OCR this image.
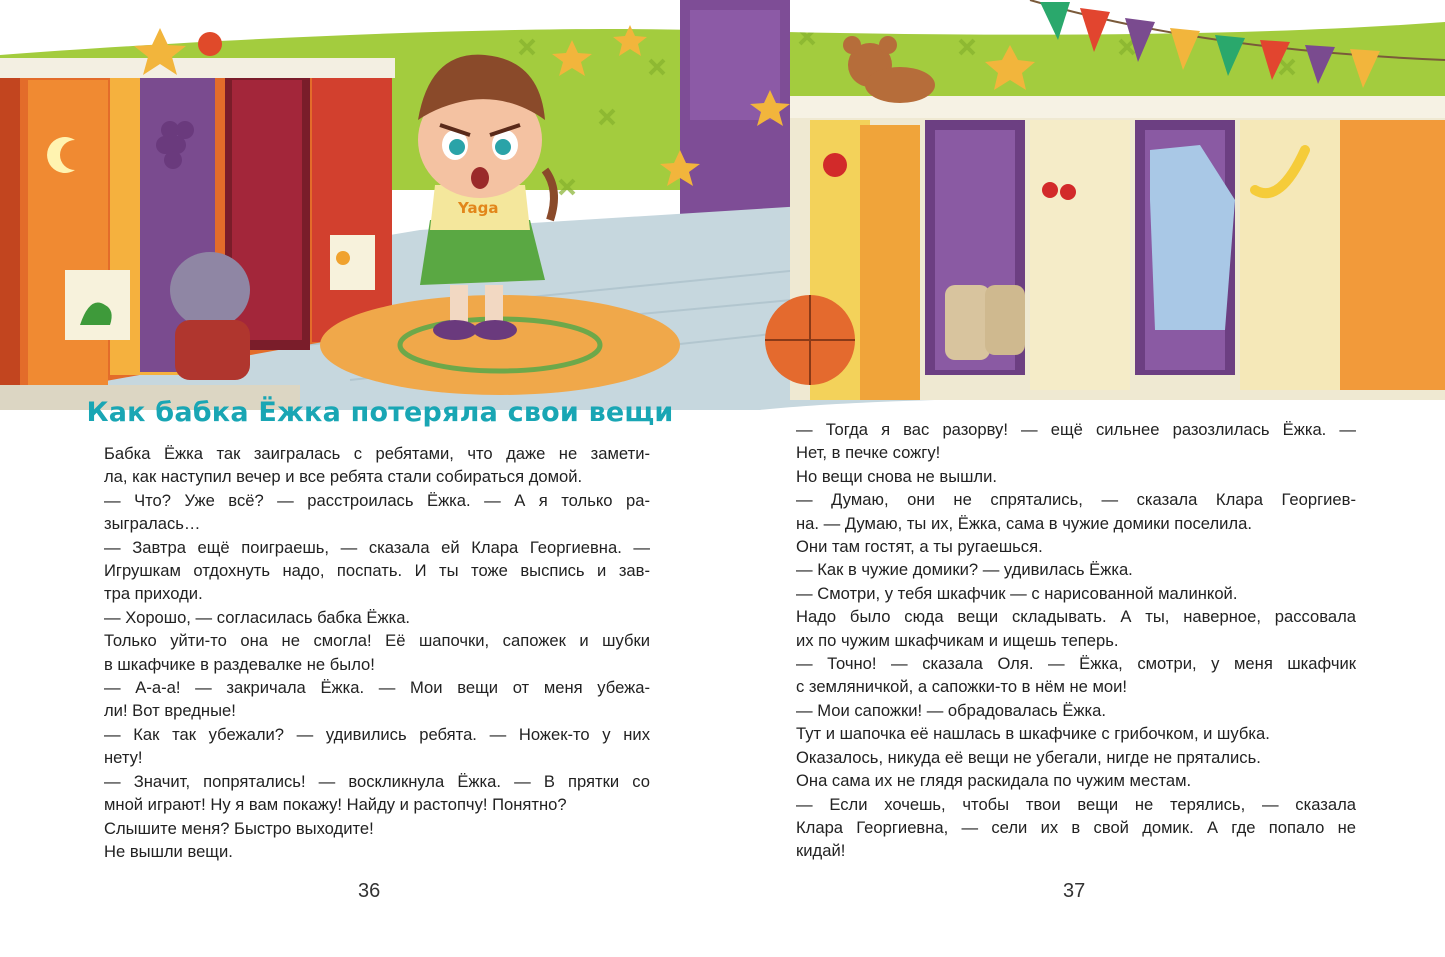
Yaga
Как бабка Ёжка потеряла свои вещи
Бабка Ёжка так заигралась с ребятами, что даже не замети-
ла, как наступил вечер и все ребята стали собираться домой.
— Что? Уже всё? — расстроилась Ёжка. — А я только ра-
зыгралась…
— Завтра ещё поиграешь, — сказала ей Клара Георгиевна. —
Игрушкам отдохнуть надо, поспать. И ты тоже выспись и зав-
тра приходи.
— Хорошо, — согласилась бабка Ёжка.
Только уйти-то она не смогла! Её шапочки, сапожек и шубки
в шкафчике в раздевалке не было!
— А-а-а! — закричала Ёжка. — Мои вещи от меня убежа-
ли! Вот вредные!
— Как так убежали? — удивились ребята. — Ножек-то у них
нету!
— Значит, попрятались! — воскликнула Ёжка. — В прятки со
мной играют! Ну я вам покажу! Найду и растопчу! Понятно?
Слышите меня? Быстро выходите!
Не вышли вещи.
— Тогда я вас разорву! — ещё сильнее разозлилась Ёжка. —
Нет, в печке сожгу!
Но вещи снова не вышли.
— Думаю, они не спрятались, — сказала Клара Георгиев-
на. — Думаю, ты их, Ёжка, сама в чужие домики поселила.
Они там гостят, а ты ругаешься.
— Как в чужие домики? — удивилась Ёжка.
— Смотри, у тебя шкафчик — с нарисованной малинкой.
Надо было сюда вещи складывать. А ты, наверное, рассовала
их по чужим шкафчикам и ищешь теперь.
— Точно! — сказала Оля. — Ёжка, смотри, у меня шкафчик
с земляничкой, а сапожки-то в нём не мои!
— Мои сапожки! — обрадовалась Ёжка.
Тут и шапочка её нашлась в шкафчике с грибочком, и шубка.
Оказалось, никуда её вещи не убегали, нигде не прятались.
Она сама их не глядя раскидала по чужим местам.
— Если хочешь, чтобы твои вещи не терялись, — сказала
Клара Георгиевна, — сели их в свой домик. А где попало не
кидай!
36	37
